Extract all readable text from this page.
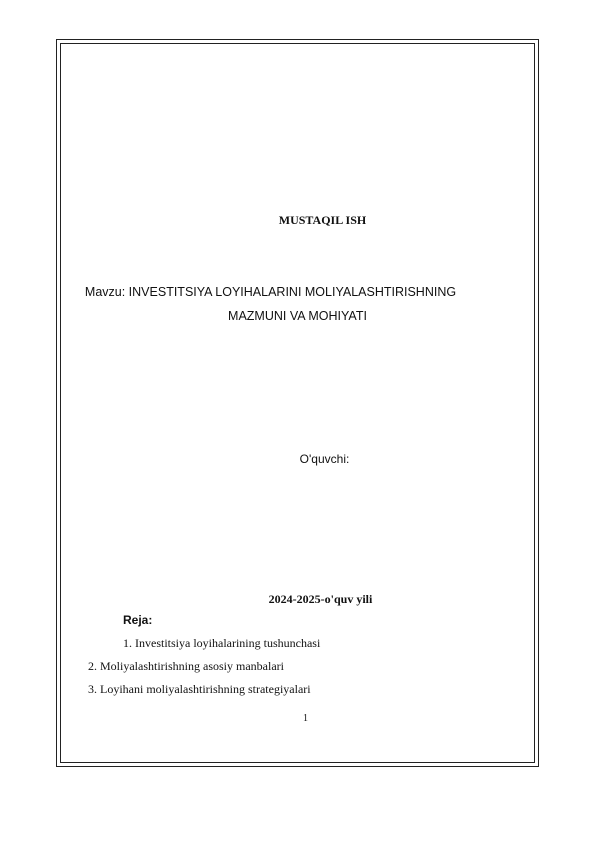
MUSTAQIL ISH
Mavzu: INVESTITSIYA LOYIHALARINI MOLIYALASHTIRISHNING
MAZMUNI VA MOHIYATI
O'quvchi:
2024-2025-o'quv yili
Reja:
1. Investitsiya loyihalarining tushunchasi
2. Moliyalashtirishning asosiy manbalari
3. Loyihani moliyalashtirishning strategiyalari
1
